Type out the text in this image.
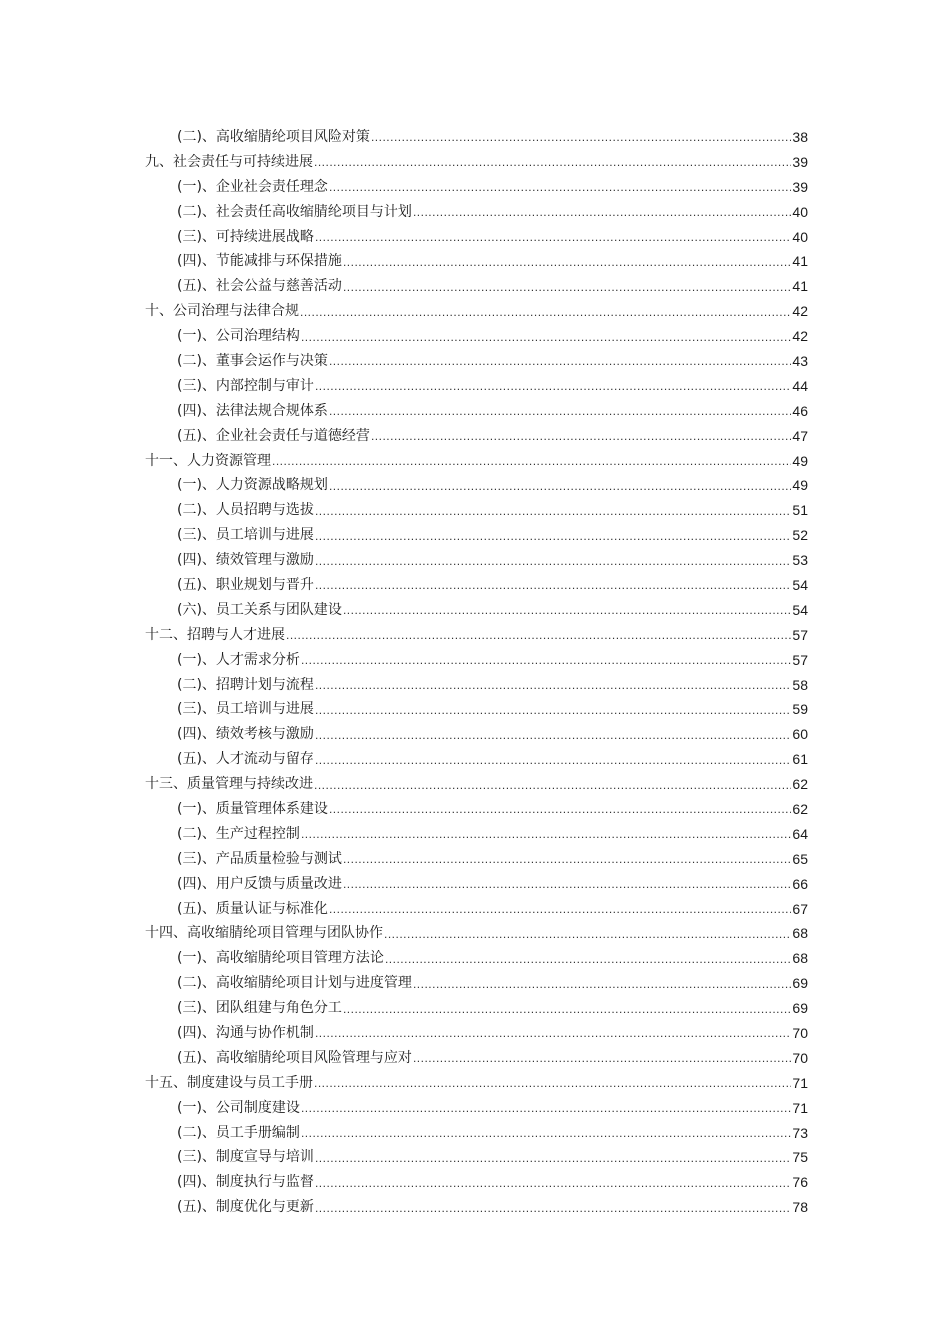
(二)、高收缩腈纶项目风险对策 .....	38
九、社会责任与可持续进展 .....	39
(一)、企业社会责任理念 .....	39
(二)、社会责任高收缩腈纶项目与计划 .....	40
(三)、可持续进展战略 .....	40
(四)、节能减排与环保措施 .....	41
(五)、社会公益与慈善活动 .....	41
十、公司治理与法律合规 .....	42
(一)、公司治理结构 .....	42
(二)、董事会运作与决策 .....	43
(三)、内部控制与审计 .....	44
(四)、法律法规合规体系 .....	46
(五)、企业社会责任与道德经营 .....	47
十一、人力资源管理 .....	49
(一)、人力资源战略规划 .....	49
(二)、人员招聘与选拔 .....	51
(三)、员工培训与进展 .....	52
(四)、绩效管理与激励 .....	53
(五)、职业规划与晋升 .....	54
(六)、员工关系与团队建设 .....	54
十二、招聘与人才进展 .....	57
(一)、人才需求分析 .....	57
(二)、招聘计划与流程 .....	58
(三)、员工培训与进展 .....	59
(四)、绩效考核与激励 .....	60
(五)、人才流动与留存 .....	61
十三、质量管理与持续改进 .....	62
(一)、质量管理体系建设 .....	62
(二)、生产过程控制 .....	64
(三)、产品质量检验与测试 .....	65
(四)、用户反馈与质量改进 .....	66
(五)、质量认证与标准化 .....	67
十四、高收缩腈纶项目管理与团队协作 .....	68
(一)、高收缩腈纶项目管理方法论 .....	68
(二)、高收缩腈纶项目计划与进度管理 .....	69
(三)、团队组建与角色分工 .....	69
(四)、沟通与协作机制 .....	70
(五)、高收缩腈纶项目风险管理与应对 .....	70
十五、制度建设与员工手册 .....	71
(一)、公司制度建设 .....	71
(二)、员工手册编制 .....	73
(三)、制度宣导与培训 .....	75
(四)、制度执行与监督 .....	76
(五)、制度优化与更新 .....	78
